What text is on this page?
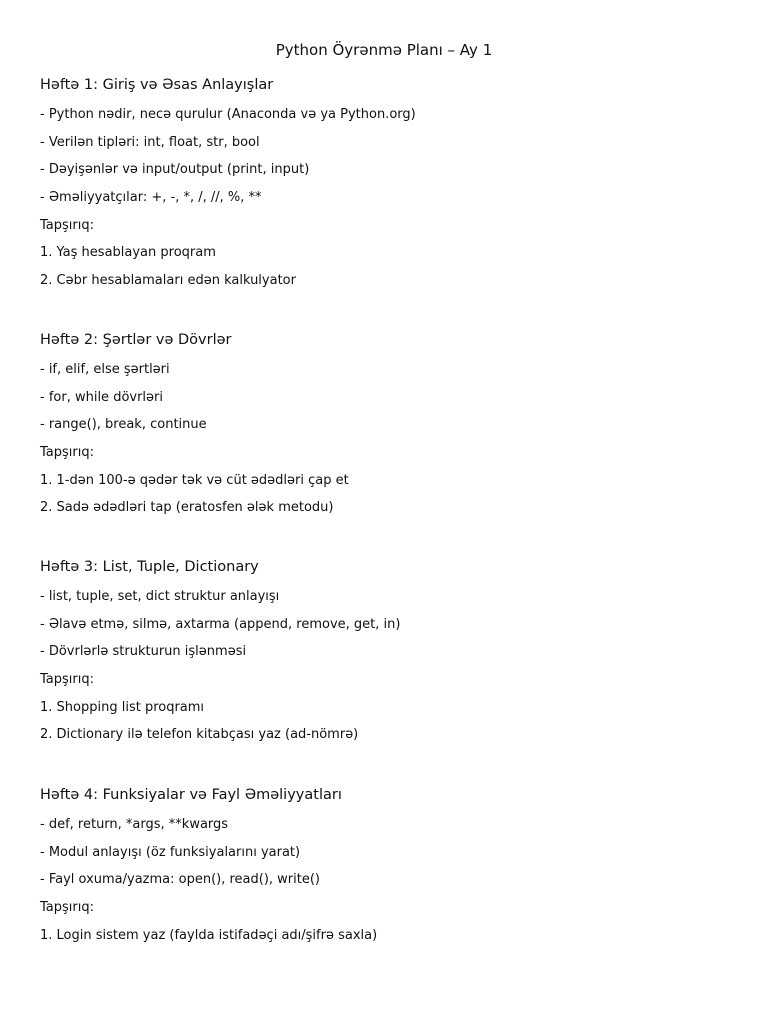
Python Öyrənmə Planı – Ay 1
Həftə 1: Giriş və Əsas Anlayışlar

- Python nədir, necə qurulur (Anaconda və ya Python.org)

- Verilən tipləri: int, float, str, bool

- Dəyişənlər və input/output (print, input)

- Əməliyyatçılar: +, -, *, /, //, %, **

Tapşırıq:

1. Yaş hesablayan proqram

2. Cəbr hesablamaları edən kalkulyator

Həftə 2: Şərtlər və Dövrlər

- if, elif, else şərtləri

- for, while dövrləri

- range(), break, continue

Tapşırıq:

1. 1-dən 100-ə qədər tək və cüt ədədləri çap et

2. Sadə ədədləri tap (eratosfen ələk metodu)

Həftə 3: List, Tuple, Dictionary

- list, tuple, set, dict struktur anlayışı

- Əlavə etmə, silmə, axtarma (append, remove, get, in)

- Dövrlərlə strukturun işlənməsi

Tapşırıq:

1. Shopping list proqramı

2. Dictionary ilə telefon kitabçası yaz (ad-nömrə)

Həftə 4: Funksiyalar və Fayl Əməliyyatları

- def, return, *args, **kwargs

- Modul anlayışı (öz funksiyalarını yarat)

- Fayl oxuma/yazma: open(), read(), write()

Tapşırıq:

1. Login sistem yaz (faylda istifadəçi adı/şifrə saxla)
